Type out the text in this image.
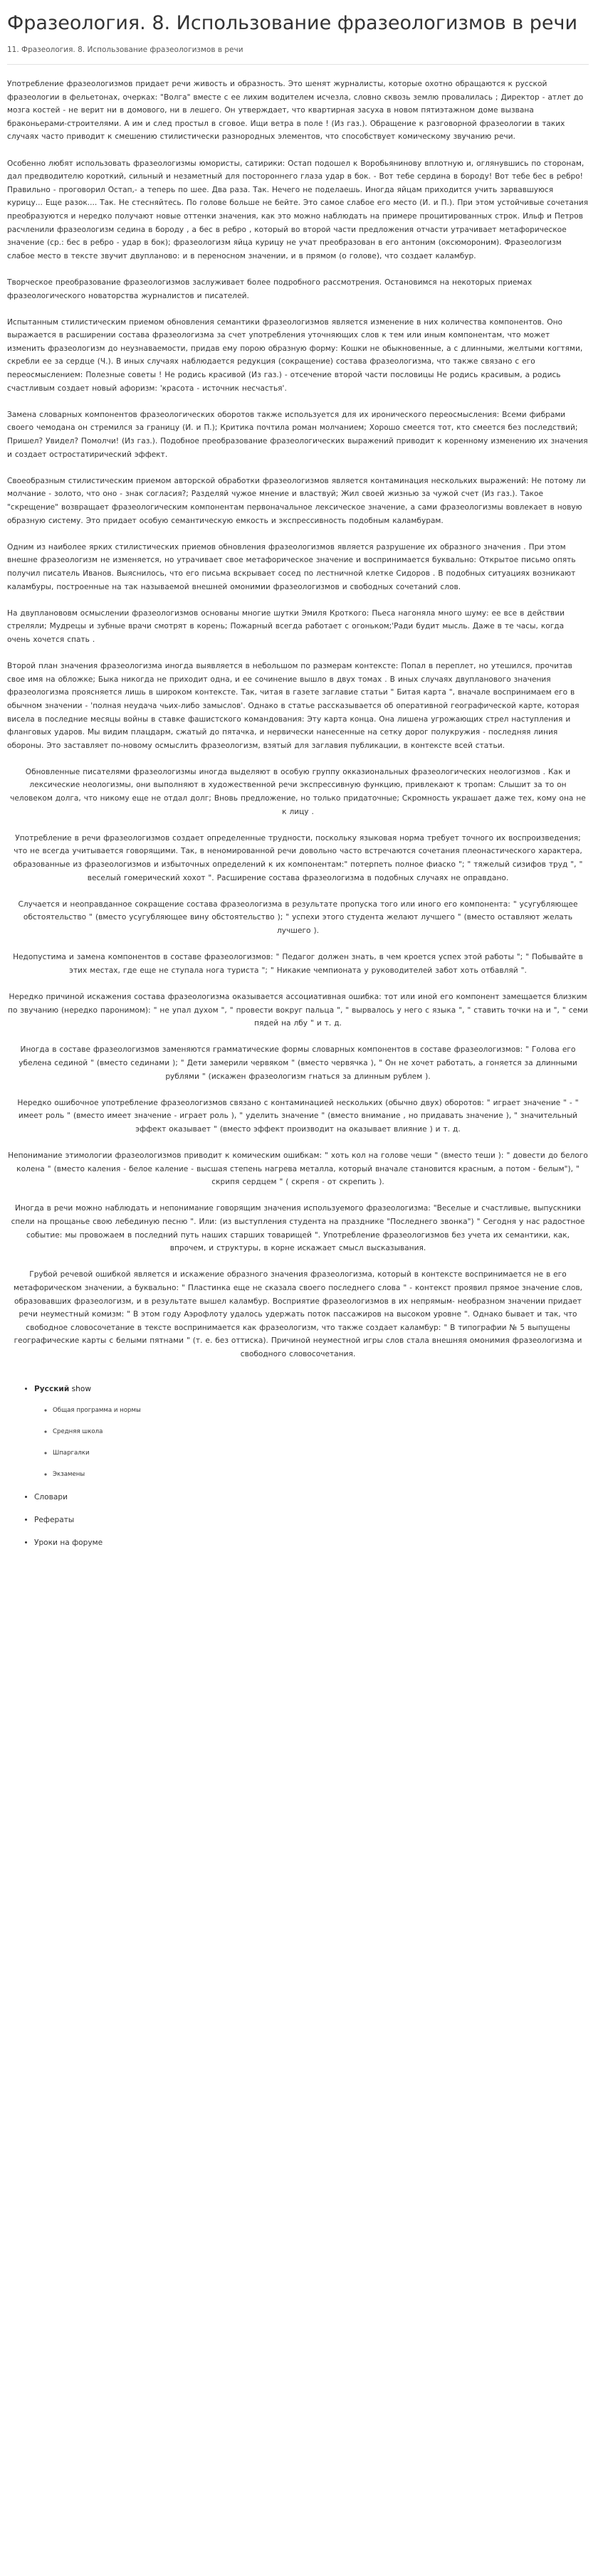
Фразеология. 8. Использование фразеологизмов в речи
11. Фразеология. 8. Использование фразеологизмов в речи

Употребление фразеологизмов придает речи живость и образность. Это шенят журналисты, которые охотно обращаются к русской фразеологии в фельетонах, очерках: "Волга" вместе с ее лихим водителем исчезла, словно сквозь землю провалилась ; Директор - атлет до мозга костей - не верит ни в домового, ни в лешего. Он утверждает, что квартирная засуха в новом пятиэтажном доме вызвана браконьерами-строителями. А им и след простыл в сговое. Ищи ветра в поле ! (Из газ.). Обращение к разговорной фразеологии в таких случаях часто приводит к смешению стилистически разнородных элементов, что способствует комическому звучанию речи.

Особенно любят использовать фразеологизмы юмористы, сатирики: Остап подошел к Воробьянинову вплотную и, оглянувшись по сторонам, дал предводителю короткий, сильный и незаметный для постороннего глаза удар в бок. - Вот тебе сердина в бороду! Вот тебе бес в ребро! Правильно - проговорил Остап,- а теперь по шее. Два раза. Так. Нечего не поделаешь. Иногда яйцам приходится учить зарвавшуюся курицу... Еще разок.... Так. Не стесняйтесь. По голове больше не бейте. Это самое слабое его место (И. и П.). При этом устойчивые сочетания преобразуются и нередко получают новые оттенки значения, как это можно наблюдать на примере процитированных строк. Ильф и Петров расчленили фразеологизм седина в бороду , а бес в ребро , который во второй части предложения отчасти утрачивает метафорическое значение (ср.: бес в ребро - удар в бок); фразеологизм яйца курицу не учат преобразован в его антоним (оксюмороним). Фразеологизм слабое место в тексте звучит двупланово: и в переносном значении, и в прямом (о голове), что создает каламбур.

Творческое преобразование фразеологизмов заслуживает более подробного рассмотрения. Остановимся на некоторых приемах фразеологического новаторства журналистов и писателей.

Испытанным стилистическим приемом обновления семантики фразеологизмов является изменение в них количества компонентов. Оно выражается в расширении состава фразеологизма за счет употребления уточняющих слов к тем или иным компонентам, что может изменить фразеологизм до неузнаваемости, придав ему порою образную форму: Кошки не обыкновенные, а с длинными, желтыми когтями, скребли ее за сердце (Ч.). В иных случаях наблюдается редукция (сокращение) состава фразеологизма, что также связано с его переосмыслением: Полезные советы ! Не родись красивой (Из газ.) - отсечение второй части пословицы Не родись красивым, а родись счастливым создает новый афоризм: 'красота - источник несчастья'.

Замена словарных компонентов фразеологических оборотов также используется для их иронического переосмысления: Всеми фибрами своего чемодана он стремился за границу (И. и П.); Критика почтила роман молчанием; Хорошо смеется тот, кто смеется без последствий; Пришел? Увидел? Помолчи! (Из газ.). Подобное преобразование фразеологических выражений приводит к коренному изменению их значения и создает остростатирический эффект.

Своеобразным стилистическим приемом авторской обработки фразеологизмов является контаминация нескольких выражений: Не потому ли молчание - золото, что оно - знак согласия?; Разделяй чужое мнение и властвуй; Жил своей жизнью за чужой счет (Из газ.). Такое "скрещение" возвращает фразеологическим компонентам первоначальное лексическое значение, а сами фразеологизмы вовлекает в новую образную систему. Это придает особую семантическую емкость и экспрессивность подобным каламбурам.

Одним из наиболее ярких стилистических приемов обновления фразеологизмов является разрушение их образного значения . При этом внешне фразеологизм не изменяется, но утрачивает свое метафорическое значение и воспринимается буквально: Открытое письмо опять получил писатель Иванов. Выяснилось, что его письма вскрывает сосед по лестничной клетке Сидоров . В подобных ситуациях возникают каламбуры, построенные на так называемой внешней омонимии фразеологизмов и свободных сочетаний слов.

На двупланововм осмыслении фразеологизмов основаны многие шутки Эмиля Кроткого: Пьеса нагоняла много шуму: ее все в действии стреляли; Мудрецы и зубные врачи смотрят в корень; Пожарный всегда работает с огоньком;'Ради будит мысль. Даже в те часы, когда очень хочется спать .

Второй план значения фразеологизма иногда выявляется в небольшом по размерам контексте: Попал в переплет, но утешился, прочитав свое имя на обложке; Быка никогда не приходит одна, и ее сочинение вышло в двух томах . В иных случаях двупланового значения фразеологизма проясняется лишь в широком контексте. Так, читая в газете заглавие статьи " Битая карта ", вначале воспринимаем его в обычном значении - 'полная неудача чьих-либо замыслов'. Однако в статье рассказывается об оперативной географической карте, которая висела в последние месяцы войны в ставке фашистского командования: Эту карта конца. Она лишена угрожающих стрел наступления и фланговых ударов. Мы видим плацдарм, сжатый до пятачка, и нервически нанесенные на сетку дорог полукружия - последняя линия обороны. Это заставляет по-новому осмыслить фразеологизм, взятый для заглавия публикации, в контексте всей статьи.

Обновленные писателями фразеологизмы иногда выделяют в особую группу окказиональных фразеологических неологизмов . Как и лексические неологизмы, они выполняют в художественной речи экспрессивную функцию, привлекают к тропам: Слышит за то он человеком долга, что никому еще не отдал долг; Вновь предложение, но только придаточные; Скромность украшает даже тех, кому она не к лицу .

Употребление в речи фразеологизмов создает определенные трудности, поскольку языковая норма требует точного их воспроизведения; что не всегда учитывается говорящими. Так, в неномированной речи довольно часто встречаются сочетания плеонастического характера, образованные из фразеологизмов и избыточных определений к их компонентам:" потерпеть полное фиаско "; " тяжелый сизифов труд ", " веселый гомерический хохот ". Расширение состава фразеологизма в подобных случаях не оправдано.

Случается и неоправданное сокращение состава фразеологизма в результате пропуска того или иного его компонента: " усугубляющее обстоятельство " (вместо усугубляющее вину обстоятельство ); " успехи этого студента желают лучшего " (вместо оставляют желать лучшего ).

Недопустима и замена компонентов в составе фразеологизмов: " Педагог должен знать, в чем кроется успех этой работы "; " Побывайте в этих местах, где еще не ступала нога туриста "; " Никакие чемпионата у руководителей забот хоть отбавляй ".

Нередко причиной искажения состава фразеологизма оказывается ассоциативная ошибка: тот или иной его компонент замещается близким по звучанию (нередко паронимом): " не упал духом ", " провести вокруг пальца ", " вырвалось у него с языка ", " ставить точки на и ", " семи пядей на лбу " и т. д.

Иногда в составе фразеологизмов заменяются грамматические формы словарных компонентов в составе фразеологизмов: " Голова его убелена сединой " (вместо сединами ); " Дети замерили червяком " (вместо червячка ), " Он не хочет работать, а гоняется за длинными рублями " (искажен фразеологизм гнаться за длинным рублем ).

Нередко ошибочное употребление фразеологизмов связано с контаминацией нескольких (обычно двух) оборотов: " играет значение " - " имеет роль " (вместо имеет значение - играет роль ), " уделить значение " (вместо внимание , но придавать значение ), " значительный эффект оказывает " (вместо эффект производит на оказывает влияние ) и т. д.

Непонимание этимологии фразеологизмов приводит к комическим ошибкам: " хоть кол на голове чеши " (вместо теши ): " довести до белого колена " (вместо каления - белое каление - высшая степень нагрева металла, который вначале становится красным, а потом - белым"), " скрипя сердцем " ( скрепя - от скрепить ).

Иногда в речи можно наблюдать и непонимание говорящим значения используемого фразеологизма: "Веселые и счастливые, выпускники спели на прощанье свою лебединую песню ". Или: (из выступления студента на празднике "Последнего звонка") " Сегодня у нас радостное событие: мы провожаем в последний путь наших старших товарищей ". Употребление фразеологизмов без учета их семантики, как, впрочем, и структуры, в корне искажает смысл высказывания.

Грубой речевой ошибкой является и искажение образного значения фразеологизма, который в контексте воспринимается не в его метафорическом значении, а буквально: " Пластинка еще не сказала своего последнего слова " - контекст проявил прямое значение слов, образовавших фразеологизм, и в результате вышел каламбур. Восприятие фразеологизмов в их непрямым- необразном значении придает речи неуместный комизм: " В этом году Аэрофлоту удалось удержать поток пассажиров на высоком уровне ". Однако бывает и так, что свободное словосочетание в тексте воспринимается как фразеологизм, что также создает каламбур: " В типографии № 5 выпущены географические карты с белыми пятнами " (т. е. без оттиска). Причиной неуместной игры слов стала внешняя омонимия фразеологизма и свободного словосочетания.

• Русский show
◦ Общая программа и нормы
◦ Средняя школа
◦ Шпаргалки
◦ Экзамены
• Словари
• Рефераты
• Уроки на форуме
